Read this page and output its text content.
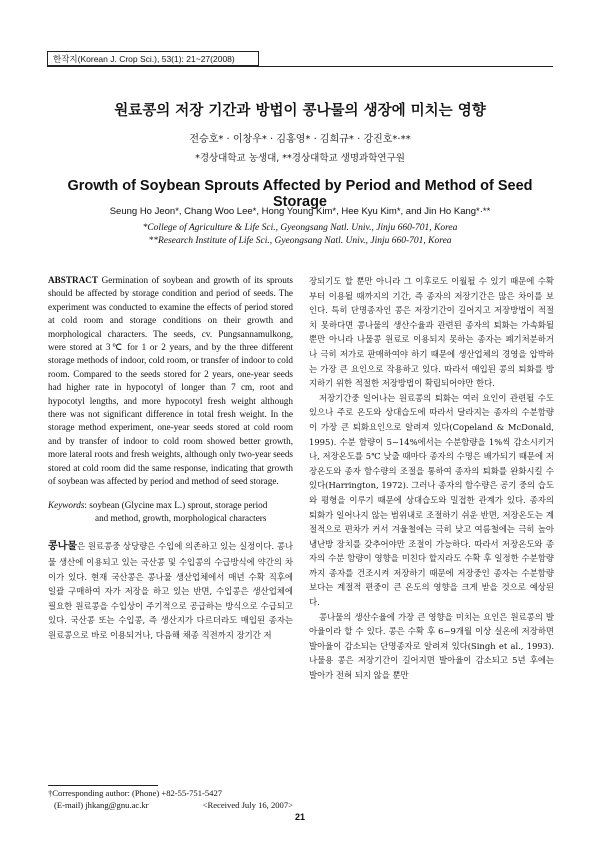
한작지(Korean J. Crop Sci.), 53(1): 21~27(2008)
원료콩의 저장 기간과 방법이 콩나물의 생장에 미치는 영향
전승호* · 이창우* · 김홍영* · 김희규* · 강진호*·**
*경상대학교 농생대, **경상대학교 생명과학연구원
Growth of Soybean Sprouts Affected by Period and Method of Seed Storage
Seung Ho Jeon*, Chang Woo Lee*, Hong Young Kim*, Hee Kyu Kim*, and Jin Ho Kang*·**
*College of Agriculture & Life Sci., Gyeongsang Natl. Univ., Jinju 660-701, Korea
**Research Institute of Life Sci., Gyeongsang Natl. Univ., Jinju 660-701, Korea
ABSTRACT Germination of soybean and growth of its sprouts should be affected by storage condition and period of seeds. The experiment was conducted to examine the effects of period stored at cold room and storage conditions on their growth and morphological characters. The seeds, cv. Pungsannamulkong, were stored at 3℃ for 1 or 2 years, and by the three different storage methods of indoor, cold room, or transfer of indoor to cold room. Compared to the seeds stored for 2 years, one-year seeds had higher rate in hypocotyl of longer than 7 cm, root and hypocotyl lengths, and more hypocotyl fresh weight although there was not significant difference in total fresh weight. In the storage method experiment, one-year seeds stored at cold room and by transfer of indoor to cold room showed better growth, more lateral roots and fresh weights, although only two-year seeds stored at cold room did the same response, indicating that growth of soybean was affected by period and method of seed storage.
Keywords: soybean (Glycine max L.) sprout, storage period
and method, growth, morphological characters
콩나물은 원료콩중 상당량은 수입에 의존하고 있는 실정이다. 콩나물 생산에 이용되고 있는 국산콩 및 수입콩의 수급방식에 약간의 차이가 있다. 현재 국산콩은 콩나물 생산업체에서 매년 수확 직후에 일괄 구매하여 자가 저장을 하고 있는 반면, 수입콩은 생산업체에 필요한 원료콩을 수입상이 주기적으로 공급하는 방식으로 수급되고 있다. 국산콩 또는 수입콩, 즉 생산지가 다르더라도 매입된 종자는 원료콩으로 바로 이용되거나, 다음해 채종 직전까지 장기간 저

장되기도 할 뿐만 아니라 그 이후로도 이월될 수 있기 때문에 수확부터 이용될 때까지의 기간, 즉 종자의 저장기간은 많은 차이를 보인다. 특히 단명종자인 콩은 저장기간이 길어지고 저장방법이 적절치 못하다면 콩나물의 생산수율과 관련된 종자의 퇴화는 가속화될 뿐만 아니라 나물콩 원료로 이용되지 못하는 종자는 폐기처분하거나 극히 저가로 판매하여야 하기 때문에 생산업체의 경영을 압박하는 가장 큰 요인으로 작용하고 있다. 따라서 매입된 콩의 퇴화를 방지하기 위한 적절한 저장방법이 확립되어야만 한다.

저장기간중 일어나는 원료콩의 퇴화는 여러 요인이 관련될 수도 있으나 주로 온도와 상대습도에 따라서 달라지는 종자의 수분함량이 가장 큰 퇴화요인으로 알려져 있다(Copeland & McDonald, 1995). 수분 함량이 5~14%에서는 수분함량을 1%씩 감소시키거나, 저장온도를 5℃ 낮출 때마다 종자의 수명은 배가되기 때문에 저장온도와 종자 함수량의 조절을 통하여 종자의 퇴화를 완화시킬 수 있다(Harrington, 1972). 그러나 종자의 함수량은 공기 중의 습도와 평형을 이루기 때문에 상대습도와 밀접한 관계가 있다. 종자의 퇴화가 일어나지 않는 범위내로 조절하기 쉬운 반면, 저장온도는 계절적으로 편차가 커서 겨울철에는 극히 낮고 여름철에는 극히 높아 냉난방 장치를 갖추어야만 조절이 가능하다. 따라서 저장온도와 종자의 수분 함량이 영향을 미친다 할지라도 수확 후 일정한 수분함량까지 종자를 건조시켜 저장하기 때문에 저장중인 종자는 수분함량보다는 계절적 편중이 큰 온도의 영향을 크게 받을 것으로 예상된다.

콩나물의 생산수율에 가장 큰 영향을 미치는 요인은 원료콩의 발아율이라 할 수 있다. 콩은 수확 후 6~9개월 이상 실온에 저장하면 발아율이 감소되는 단명종자로 알려져 있다(Singh et al., 1993). 나물용 콩은 저장기간이 길어지면 발아율이 감소되고 5년 후에는 발아가 전혀 되지 않을 뿐만

†Corresponding author: (Phone) +82-55-751-5427
(E-mail) jhkang@gnu.ac.kr	<Received July 16, 2007>
21
